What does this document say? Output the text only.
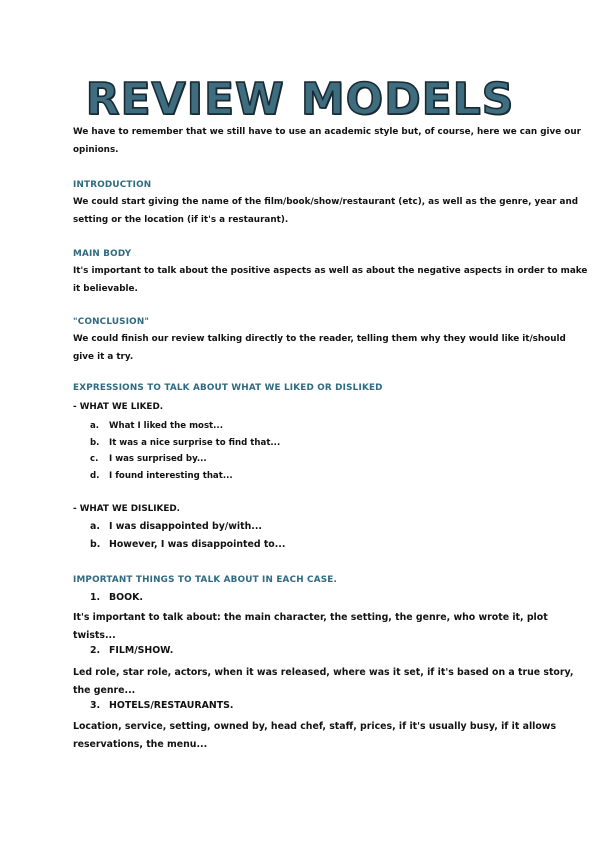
REVIEW MODELS
We have to remember that we still have to use an academic style but, of course, here we can give our
opinions.
INTRODUCTION
We could start giving the name of the film/book/show/restaurant (etc), as well as the genre, year and
setting or the location (if it's a restaurant).
MAIN BODY
It's important to talk about the positive aspects as well as about the negative aspects in order to make
it believable.
"CONCLUSION"
We could finish our review talking directly to the reader, telling them why they would like it/should
give it a try.
EXPRESSIONS TO TALK ABOUT WHAT WE LIKED OR DISLIKED
- WHAT WE LIKED.
a. What I liked the most...
b. It was a nice surprise to find that...
c. I was surprised by...
d. I found interesting that...
- WHAT WE DISLIKED.
a. I was disappointed by/with...
b. However, I was disappointed to...
IMPORTANT THINGS TO TALK ABOUT IN EACH CASE.
1. BOOK.
It's important to talk about: the main character, the setting, the genre, who wrote it, plot
twists...
2. FILM/SHOW.
Led role, star role, actors, when it was released, where was it set, if it's based on a true story,
the genre...
3. HOTELS/RESTAURANTS.
Location, service, setting, owned by, head chef, staff, prices, if it's usually busy, if it allows
reservations, the menu...
